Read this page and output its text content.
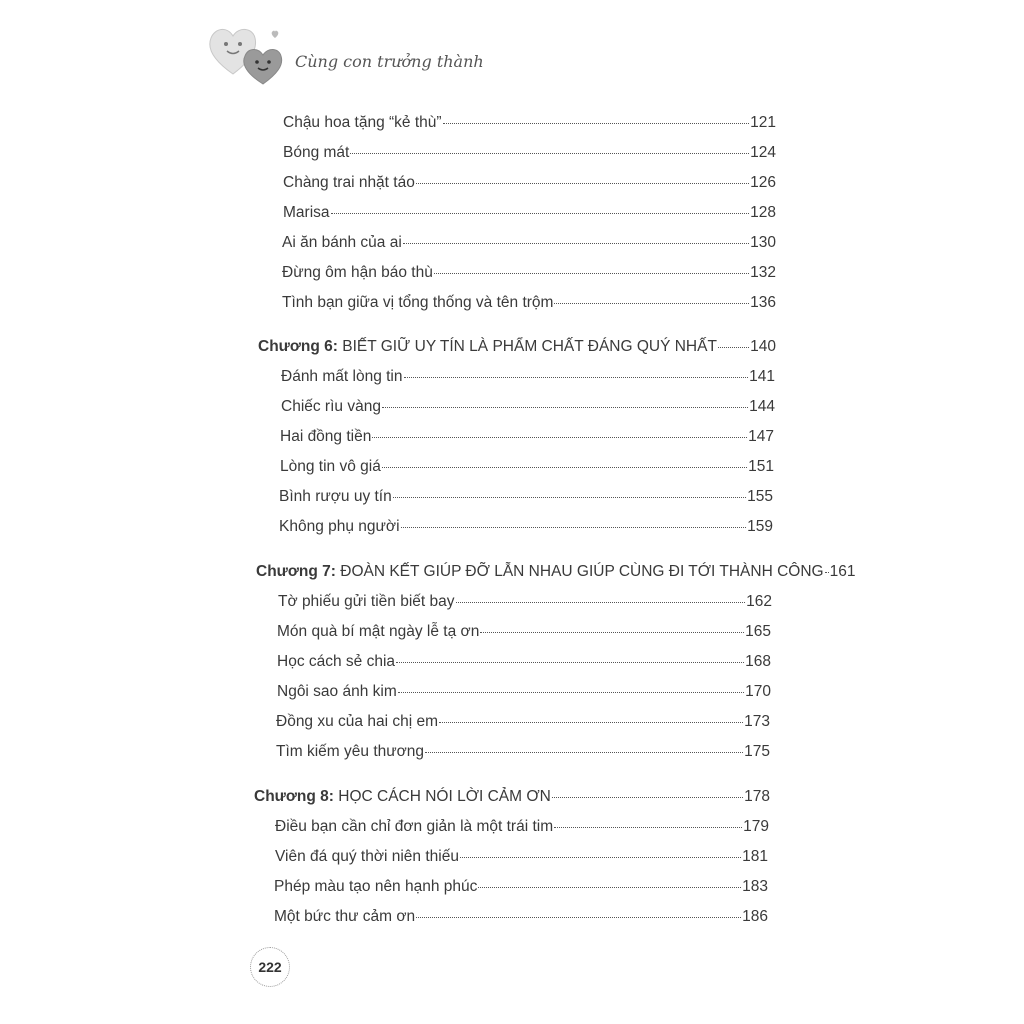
Cùng con trưởng thành
Chậu hoa tặng “kẻ thù”	121
Bóng mát	124
Chàng trai nhặt táo	126
Marisa	128
Ai ăn bánh của ai	130
Đừng ôm hận báo thù	132
Tình bạn giữa vị tổng thống và tên trộm	136
Chương 6: BIẾT GIỮ UY TÍN LÀ PHẨM CHẤT ĐÁNG QUÝ NHẤT 140
Đánh mất lòng tin	141
Chiếc rìu vàng	144
Hai đồng tiền	147
Lòng tin vô giá	151
Bình rượu uy tín	155
Không phụ người	159
Chương 7: ĐOÀN KẾT GIÚP ĐỠ LẪN NHAU GIÚP CÙNG ĐI TỚI THÀNH CÔNG 161
Tờ phiếu gửi tiền biết bay	162
Món quà bí mật ngày lễ tạ ơn	165
Học cách sẻ chia	168
Ngôi sao ánh kim	170
Đồng xu của hai chị em	173
Tìm kiếm yêu thương	175
Chương 8: HỌC CÁCH NÓI LỜI CẢM ƠN	178
Điều bạn cần chỉ đơn giản là một trái tim	179
Viên đá quý thời niên thiếu	181
Phép màu tạo nên hạnh phúc	183
Một bức thư cảm ơn	186
222
